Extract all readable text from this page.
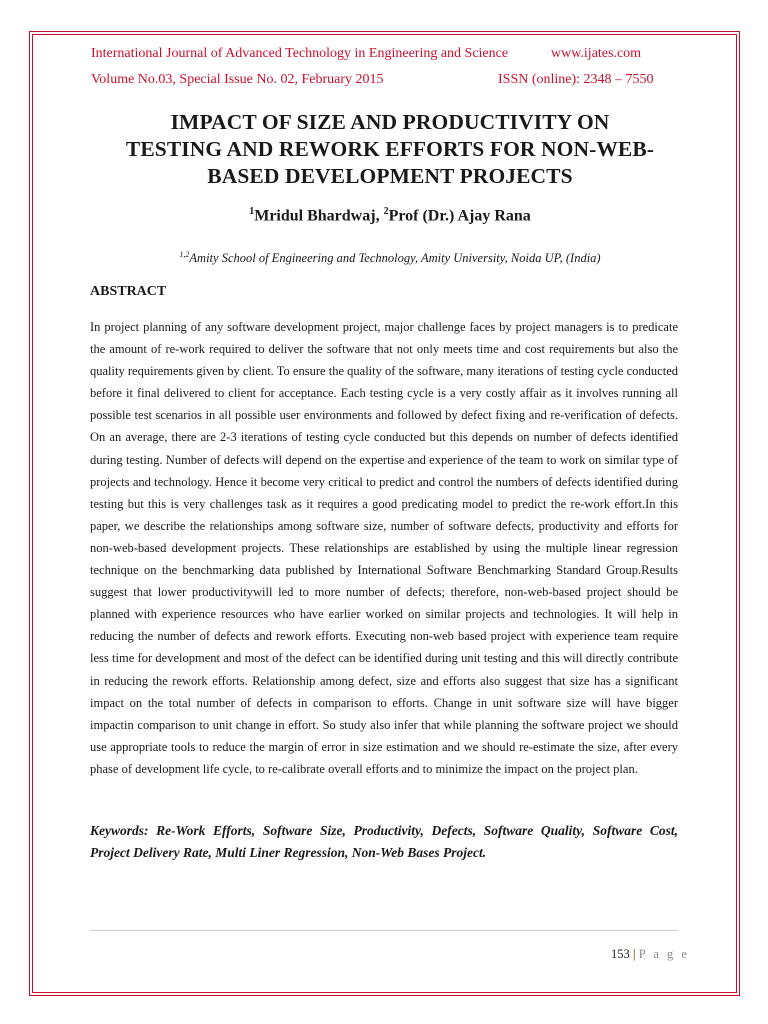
International Journal of Advanced Technology in Engineering and Science	www.ijates.com
Volume No.03, Special Issue No. 02, February 2015	ISSN (online): 2348 – 7550
IMPACT OF SIZE AND PRODUCTIVITY ON
TESTING AND REWORK EFFORTS FOR NON-WEB-
BASED DEVELOPMENT PROJECTS
$^1$Mridul Bhardwaj, $^2$Prof (Dr.) Ajay Rana
$^{1,2}$Amity School of Engineering and Technology, Amity University, Noida UP, (India)
ABSTRACT

In project planning of any software development project, major challenge faces by project managers is to predicate the amount of re-work required to deliver the software that not only meets time and cost requirements but also the quality requirements given by client. To ensure the quality of the software, many iterations of testing cycle conducted before it final delivered to client for acceptance. Each testing cycle is a very costly affair as it involves running all possible test scenarios in all possible user environments and followed by defect fixing and re-verification of defects. On an average, there are 2-3 iterations of testing cycle conducted but this depends on number of defects identified during testing. Number of defects will depend on the expertise and experience of the team to work on similar type of projects and technology. Hence it become very critical to predict and control the numbers of defects identified during testing but this is very challenges task as it requires a good predicating model to predict the re-work effort.In this paper, we describe the relationships among software size, number of software defects, productivity and efforts for non-web-based development projects. These relationships are established by using the multiple linear regression technique on the benchmarking data published by International Software Benchmarking Standard Group.Results suggest that lower productivitywill led to more number of defects; therefore, non-web-based project should be planned with experience resources who have earlier worked on similar projects and technologies. It will help in reducing the number of defects and rework efforts. Executing non-web based project with experience team require less time for development and most of the defect can be identified during unit testing and this will directly contribute in reducing the rework efforts. Relationship among defect, size and efforts also suggest that size has a significant impact on the total number of defects in comparison to efforts. Change in unit software size will have bigger impactin comparison to unit change in effort. So study also infer that while planning the software project we should use appropriate tools to reduce the margin of error in size estimation and we should re-estimate the size, after every phase of development life cycle, to re-calibrate overall efforts and to minimize the impact on the project plan.

Keywords: Re-Work Efforts, Software Size, Productivity, Defects, Software Quality, Software Cost, Project Delivery Rate, Multi Liner Regression, Non-Web Bases Project.

153 | P a g e
